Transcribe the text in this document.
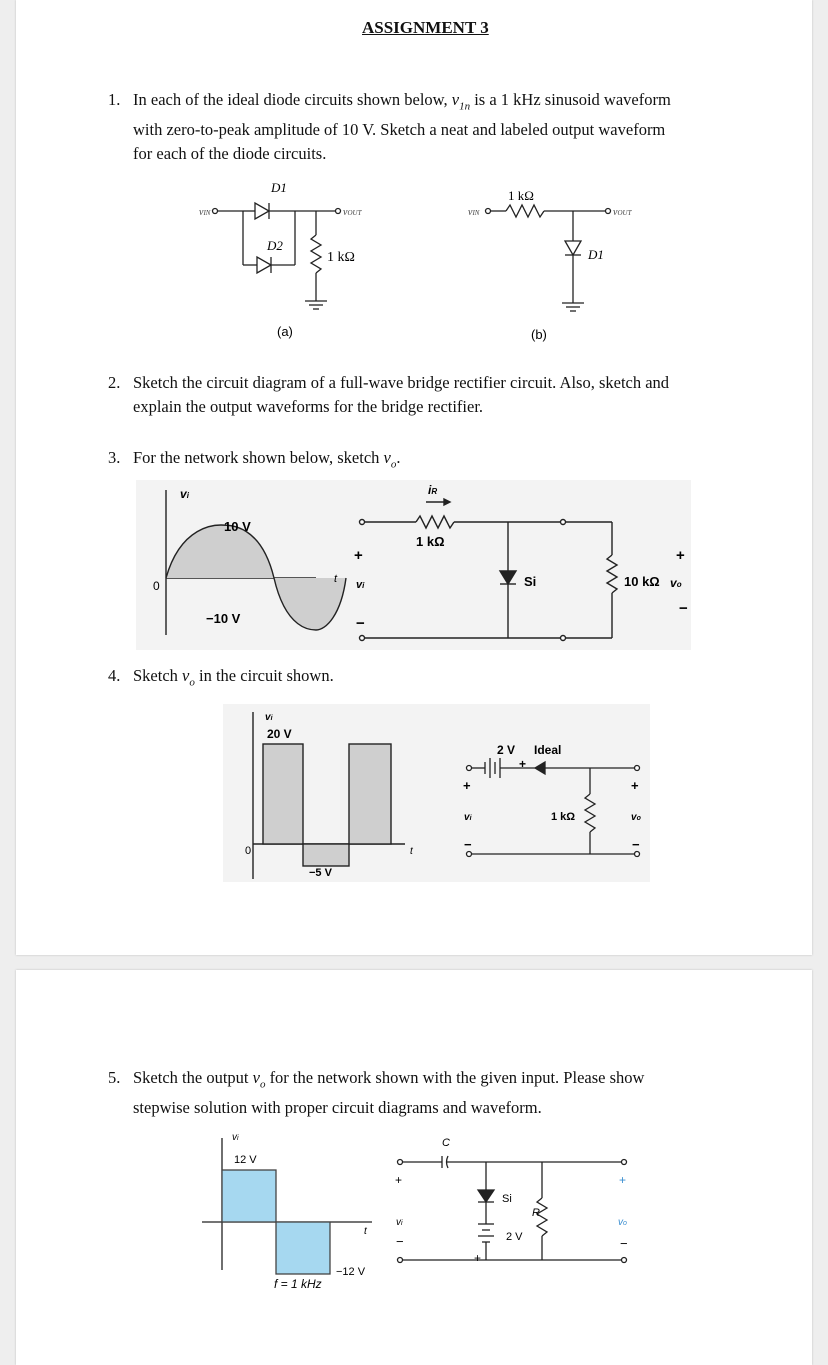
ASSIGNMENT 3
1. In each of the ideal diode circuits shown below, $v_{1n}$ is a 1 kHz sinusoid waveform
with zero-to-peak amplitude of 10 V. Sketch a neat and labeled output waveform
for each of the diode circuits.
D1
D2
vIN	vOUT
1 kΩ
(a)
1 kΩ
vIN	vOUT
D1
(b)
2. Sketch the circuit diagram of a full-wave bridge rectifier circuit. Also, sketch and
explain the output waveforms for the bridge rectifier.
3. For the network shown below, sketch $v_o$.
vi
10 V
−10 V
0	t
+
−
vi
iR
1 kΩ
Si	10 kΩ
+
−
vo
4. Sketch $v_o$ in the circuit shown.
vi
20 V
−5 V
0	t
2 V Ideal
+
+
−
vi	1 kΩ
+
vo
−
5. Sketch the output $v_o$ for the network shown with the given input. Please show
stepwise solution with proper circuit diagrams and waveform.
vi
12 V
−12 V
t
f = 1 kHz
C
Si
R
2 V
+
−
vi
+
+
vo
−
